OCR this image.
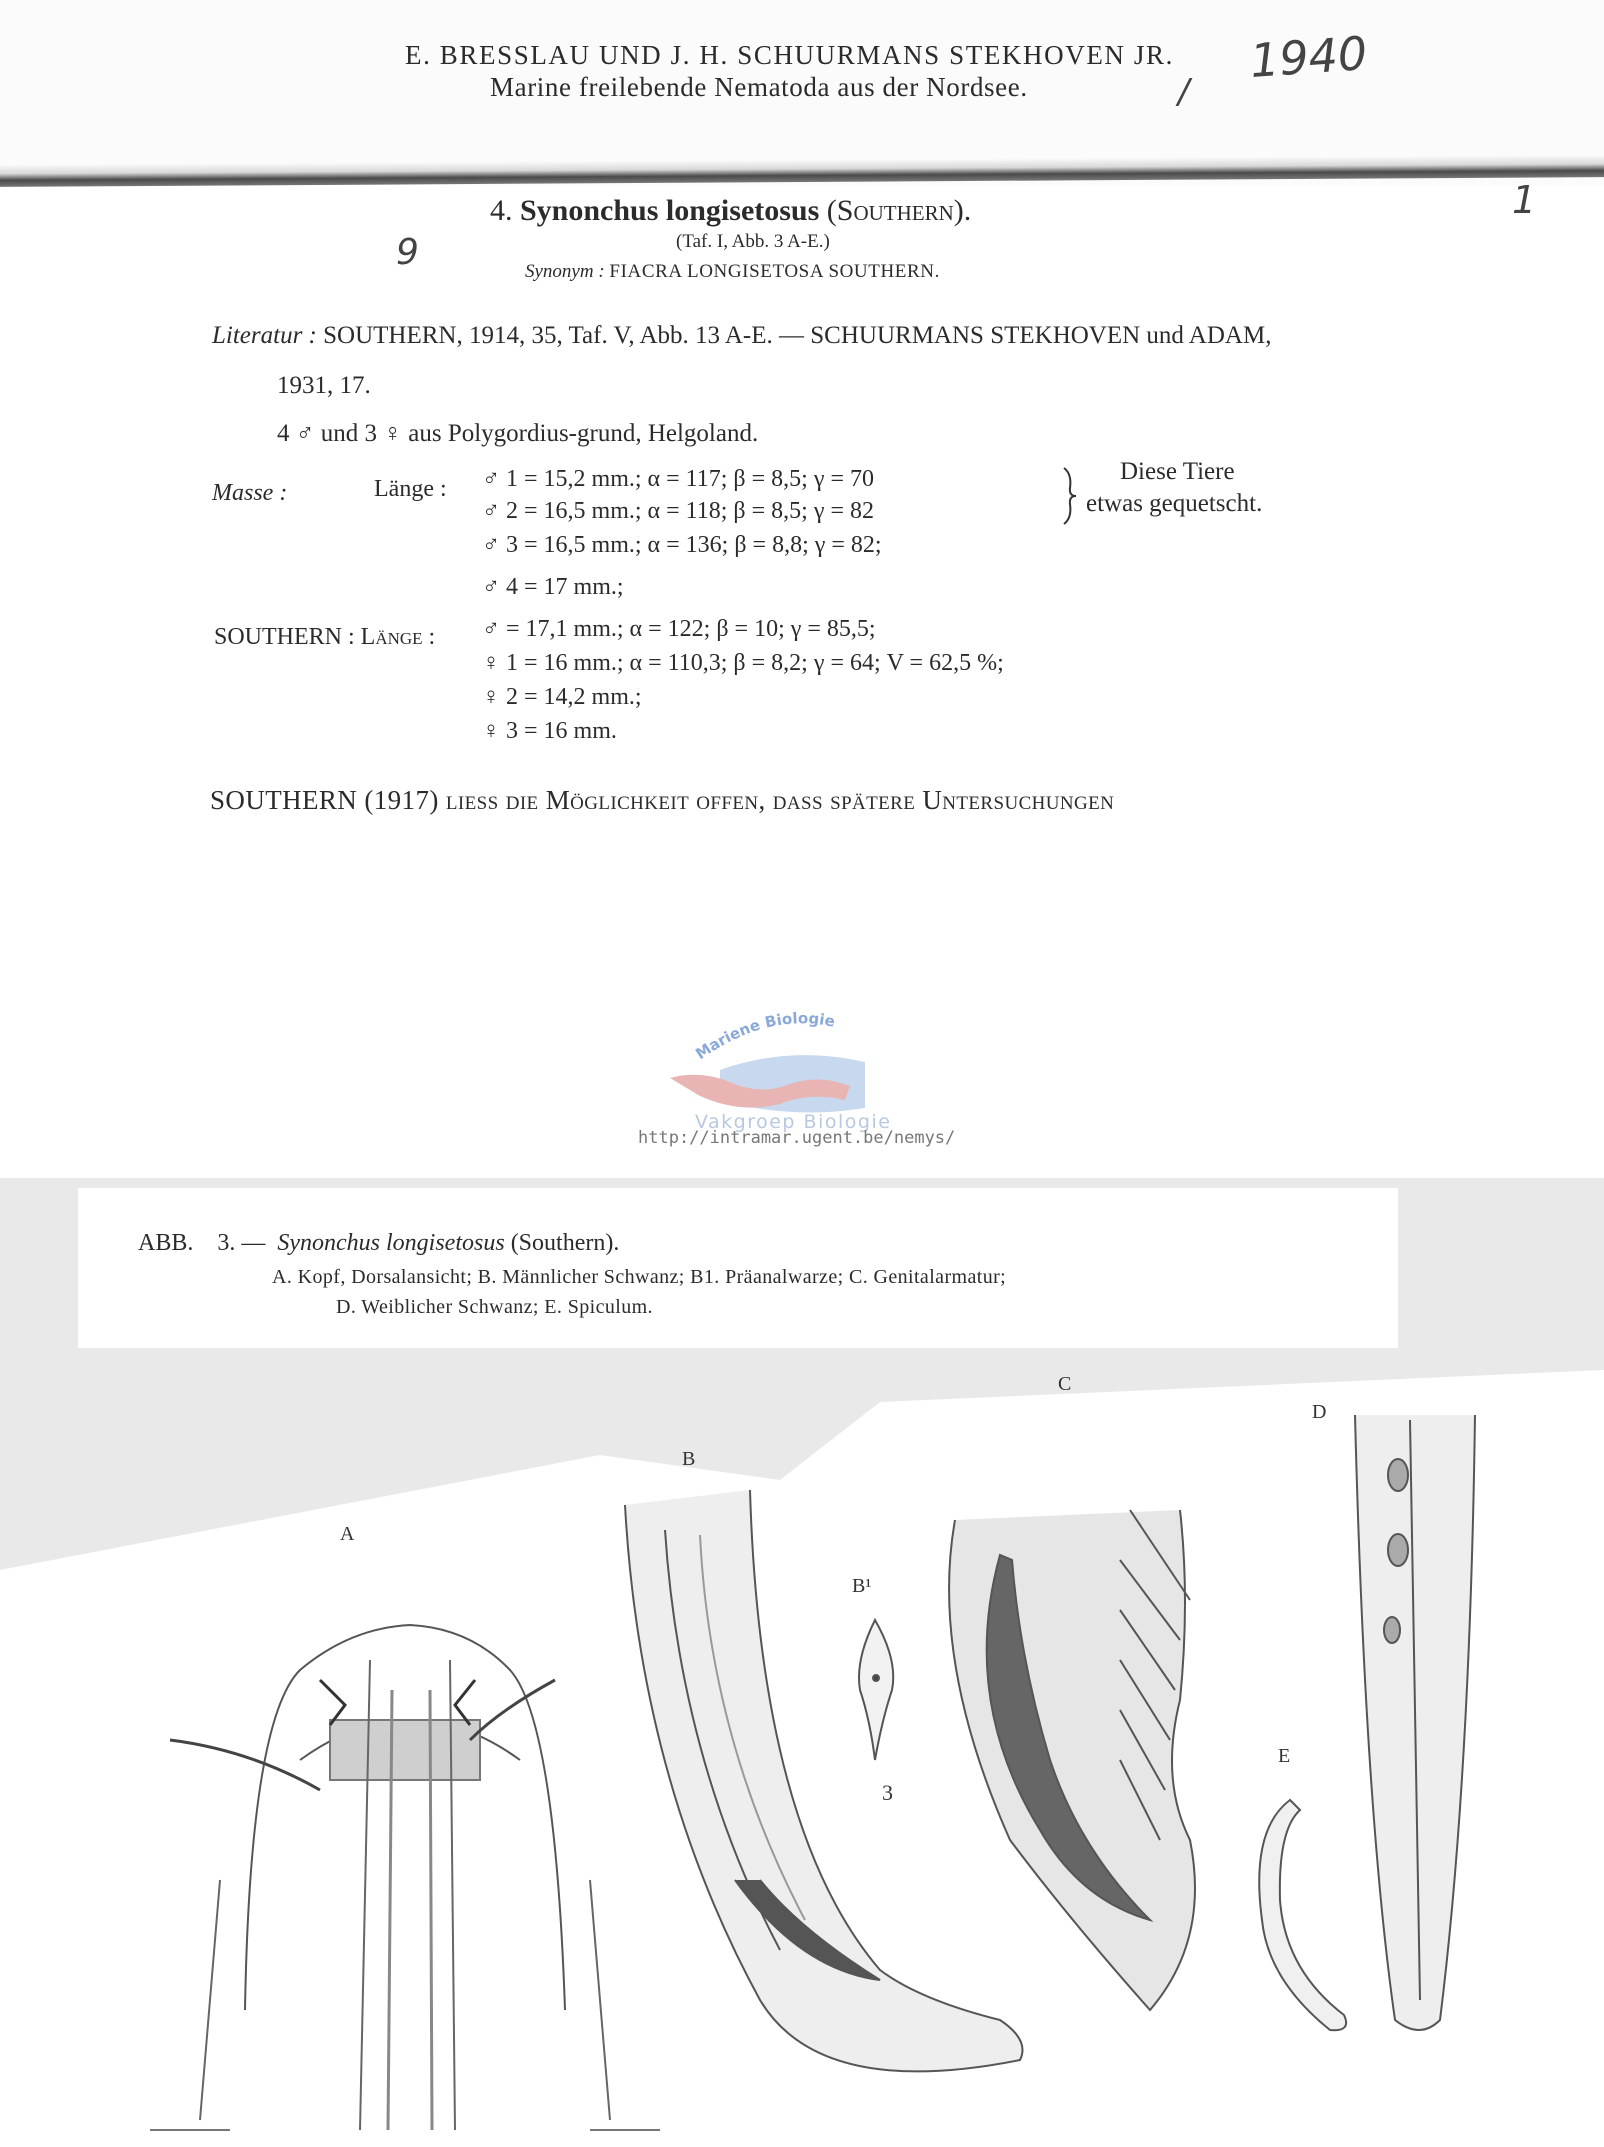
E. BRESSLAU UND J. H. SCHUURMANS STEKHOVEN JR.
Marine freilebende Nematoda aus der Nordsee.	/
1940
1
9
4. Synonchus longisetosus (Southern).
(Taf. I, Abb. 3 A-E.)
Synonym : FIACRA LONGISETOSA SOUTHERN.
Literatur : SOUTHERN, 1914, 35, Taf. V, Abb. 13 A-E. — SCHUURMANS STEKHOVEN und ADAM,
1931, 17.
4 ♂ und 3 ♀ aus Polygordius-grund, Helgoland.
Masse :	Länge : ♂ 1 = 15,2 mm.; α = 117; β = 8,5; γ = 70
♂ 2 = 16,5 mm.; α = 118; β = 8,5; γ = 82
♂ 3 = 16,5 mm.; α = 136; β = 8,8; γ = 82;
♂ 4 = 17 mm.;
Diese Tiere
etwas gequetscht.
SOUTHERN : Länge : ♂ = 17,1 mm.; α = 122; β = 10; γ = 85,5;
♀ 1 = 16 mm.; α = 110,3; β = 8,2; γ = 64; V = 62,5 %;
♀ 2 = 14,2 mm.;
♀ 3 = 16 mm.
SOUTHERN (1917) liess die Möglichkeit offen, dass spätere Untersuchungen
Mariene Biologie
Vakgroep Biologie
http://intramar.ugent.be/nemys/
ABB. 3. — Synonchus longisetosus (Southern).
A. Kopf, Dorsalansicht; B. Männlicher Schwanz; B1. Präanalwarze; C. Genitalarmatur;
D. Weiblicher Schwanz; E. Spiculum.
A
B
B¹
3
C
D
E
